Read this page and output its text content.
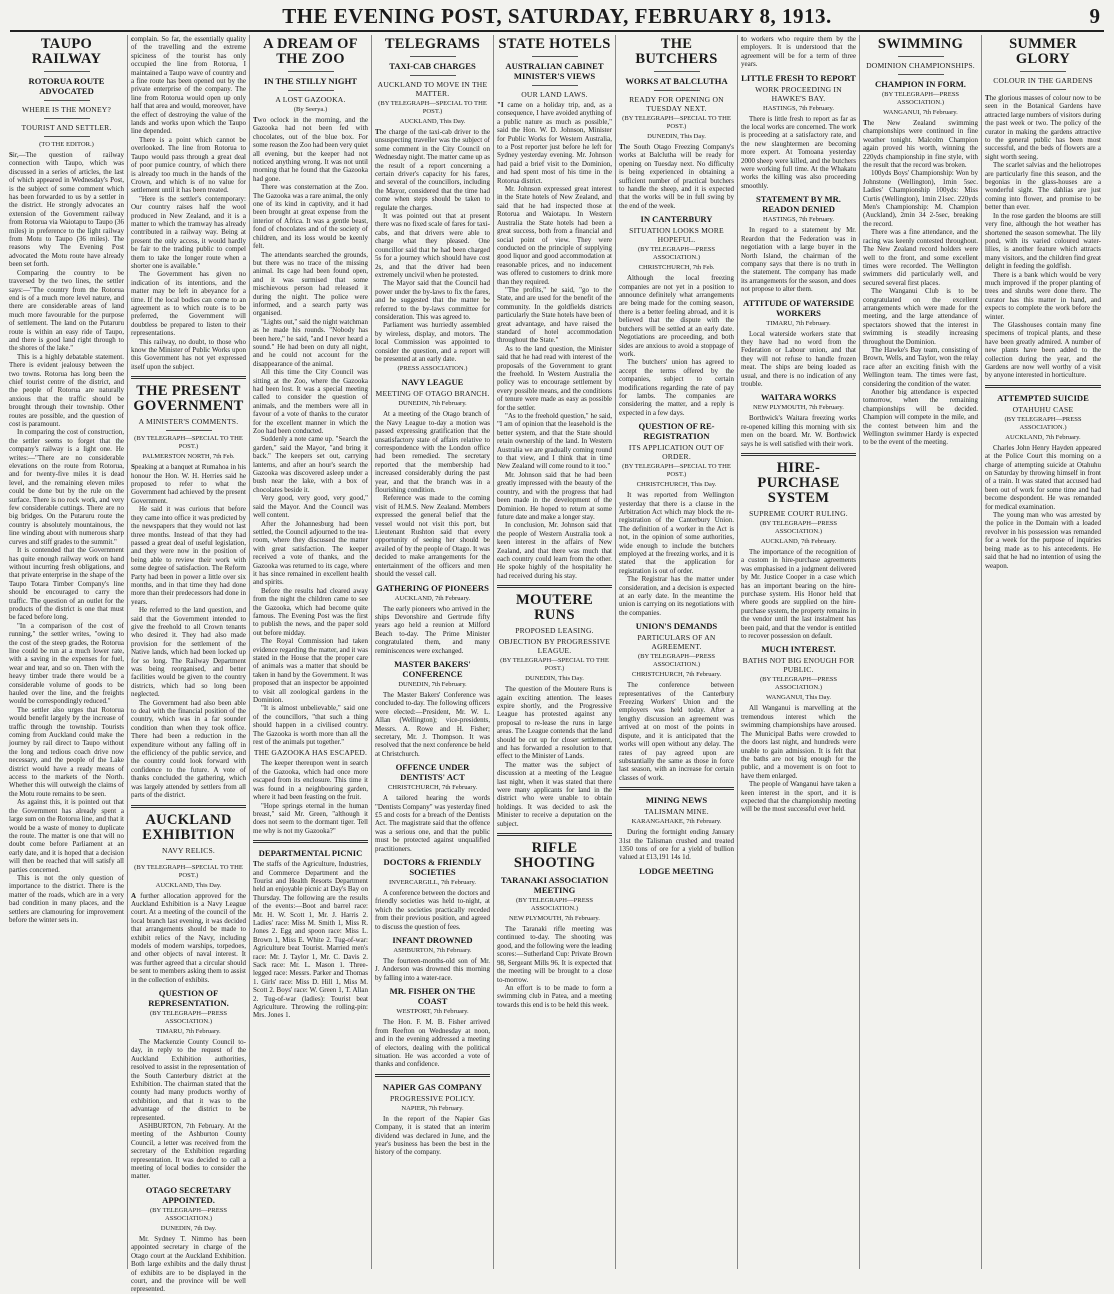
THE EVENING POST, SATURDAY, FEBRUARY 8, 1913.	9
TAUPO RAILWAY
ROTORUA ROUTE ADVOCATED
WHERE IS THE MONEY?
TOURIST AND SETTLER.
(TO THE EDITOR.)

Sir,—The question of railway connection with Taupo, which was discussed in a series of articles, the last of which appeared in Wednesday's Post, is the subject of some comment which has been forwarded to us by a settler in the district. He strongly advocates an extension of the Government railway from Rotorua via Waiotapu to Taupo (36 miles) in preference to the light railway from Motu to Taupo (36 miles). The reasons why The Evening Post advocated the Motu route have already been set forth.

Comparing the country to be traversed by the two lines, the settler says:—"The country from the Rotorua end is of a much more level nature, and there are considerable areas of land much more favourable for the purpose of settlement. The land on the Putaruru route is within an easy ride of Taupo, and there is good land right through to the shores of the lake."

This is a highly debatable statement. There is evident jealousy between the two towns. Rotorua has long been the chief tourist centre of the district, and the people of Rotorua are naturally anxious that the traffic should be brought through their township. Other routes are possible, and the question of cost is paramount.

In comparing the cost of construction, the settler seems to forget that the company's railway is a light one. He writes:—"There are no considerable elevations on the route from Rotorua, and for twenty-five miles it is dead level, and the remaining eleven miles could be done but by the rule on the surface. There is no rock work, and very few considerable cuttings. There are no big bridges. On the Putaruru route the country is absolutely mountainous, the line winding about with numerous sharp curves and stiff grades to the summit."

It is contended that the Government has quite enough railway work on hand without incurring fresh obligations, and that private enterprise in the shape of the Taupo Totara Timber Company's line should be encouraged to carry the traffic. The question of an outlet for the products of the district is one that must be faced before long.

"In a comparison of the cost of running," the settler writes, "owing to the cost of the steep grades, the Rotorua line could be run at a much lower rate, with a saving in the expenses for fuel, wear and tear, and so on. Then with the heavy timber trade there would be a considerable volume of goods to be hauled over the line, and the freights would be correspondingly reduced."

The settler also urges that Rotorua would benefit largely by the increase of traffic through the township. Tourists coming from Auckland could make the journey by rail direct to Taupo without the long and tedious coach drive now necessary, and the people of the Lake district would have a ready means of access to the markets of the North. Whether this will outweigh the claims of the Motu route remains to be seen.

As against this, it is pointed out that the Government has already spent a large sum on the Rotorua line, and that it would be a waste of money to duplicate the route. The matter is one that will no doubt come before Parliament at an early date, and it is hoped that a decision will then be reached that will satisfy all parties concerned.

This is not the only question of importance to the district. There is the matter of the roads, which are in a very bad condition in many places, and the settlers are clamouring for improvement before the winter sets in.

complain. So far, the essentially quality of the travelling and the extreme spiciness of the tourist has only occupied the line from Rotorua, I maintained a Taupo wave of country and a fine route has been opened out by the private enterprise of the company. The line from Rotorua would open up only half that area and would, moreover, have the effect of destroying the value of the lands and works upon which the Taupo line depended.

There is a point which cannot be overlooked. The line from Rotorua to Taupo would pass through a great deal of poor pumice country, of which there is already too much in the hands of the Crown, and which is of no value for settlement until it has been treated.

"Here is the settler's contemporary: Our country raises half the wool produced in New Zealand, and it is a matter to which the tramway has already contributed in a railway way. Being at present the only access, it would hardly be fair to the trading public to compel them to take the longer route when a shorter one is available."

The Government has given no indication of its intentions, and the matter may be left in abeyance for a time. If the local bodies can come to an agreement as to which route is to be preferred, the Government will doubtless be prepared to listen to their representations.

This railway, no doubt, to those who know the Minister of Public Works upon this Government has not yet expressed itself upon the subject.

THE PRESENT GOVERNMENT
A MINISTER'S COMMENTS.
(BY TELEGRAPH—SPECIAL TO THE POST.)
PALMERSTON NORTH, 7th Feb.

Speaking at a banquet at Rumahoa in his honour the Hon. W. H. Herries said he proposed to refer to what the Government had achieved by the present Government.

He said it was curious that before they came into office it was predicted by the newspapers that they would not last three months. Instead of that they had passed a great deal of useful legislation, and they were now in the position of being able to review their work with some degree of satisfaction. The Reform Party had been in power a little over six months, and in that time they had done more than their predecessors had done in years.

He referred to the land question, and said that the Government intended to give the freehold to all Crown tenants who desired it. They had also made provision for the settlement of the Native lands, which had been locked up for so long. The Railway Department was being reorganised, and better facilities would be given to the country districts, which had so long been neglected.

The Government had also been able to deal with the financial position of the country, which was in a far sounder condition than when they took office. There had been a reduction in the expenditure without any falling off in the efficiency of the public service, and the country could look forward with confidence to the future. A vote of thanks concluded the gathering, which was largely attended by settlers from all parts of the district.

AUCKLAND EXHIBITION
NAVY RELICS.
(BY TELEGRAPH—SPECIAL TO THE POST.)
AUCKLAND, This Day.

A further allocation approved for the Auckland Exhibition is a Navy League court. At a meeting of the council of the local branch last evening, it was decided that arrangements should be made to exhibit relics of the Navy, including models of modern warships, torpedoes, and other objects of naval interest. It was further agreed that a circular should be sent to members asking them to assist in the collection of exhibits.

QUESTION OF REPRESENTATION.
(BY TELEGRAPH—PRESS ASSOCIATION.)
TIMARU, 7th February.

The Mackenzie County Council to-day, in reply to the request of the Auckland Exhibition authorities, resolved to assist in the representation of the South Canterbury district at the Exhibition. The chairman stated that the county had many products worthy of exhibition, and that it was to the advantage of the district to be represented.

ASHBURTON, 7th February. At the meeting of the Ashburton County Council, a letter was received from the secretary of the Exhibition regarding representation. It was decided to call a meeting of local bodies to consider the matter.

OTAGO SECRETARY APPOINTED.
(BY TELEGRAPH—PRESS ASSOCIATION.)
DUNEDIN, 7th Day.

Mr. Sydney T. Nimmo has been appointed secretary in charge of the Otago court at the Auckland Exhibition. Both large exhibits and the daily thrust of exhibits are to be displayed in the court, and the province will be well represented.

A DREAM OF THE ZOO
IN THE STILLY NIGHT
A LOST GAZOOKA.
(By Seerya.)

Two oclock in the morning, and the Gazooka had not been fed with chocolates, out of the blue box. For some reason the Zoo had been very quiet all evening, but the keeper had not noticed anything wrong. It was not until morning that he found that the Gazooka had gone.

There was consternation at the Zoo. The Gazooka was a rare animal, the only one of its kind in captivity, and it had been brought at great expense from the interior of Africa. It was a gentle beast, fond of chocolates and of the society of children, and its loss would be keenly felt.

The attendants searched the grounds, but there was no trace of the missing animal. Its cage had been found open, and it was surmised that some mischievous person had released it during the night. The police were informed, and a search party was organised.

"Lights out," said the night watchman as he made his rounds. "Nobody has been here," he said, "and I never heard a sound." He had been on duty all night, and he could not account for the disappearance of the animal.

All this time the City Council was sitting at the Zoo, where the Gazooka had been lost. It was a special meeting called to consider the question of animals, and the members were all in favour of a vote of thanks to the curator for the excellent manner in which the Zoo had been conducted.

Suddenly a note came up. "Search the garden," said the Mayor, "and bring it back." The keepers set out, carrying lanterns, and after an hour's search the Gazooka was discovered asleep under a bush near the lake, with a box of chocolates beside it.

Very good, very good, very good," said the Mayor. And the Council was well content.

After the Johannesburg had been settled, the Council adjourned to the tea-room, where they discussed the matter with great satisfaction. The keeper received a vote of thanks, and the Gazooka was returned to its cage, where it has since remained in excellent health and spirits.

Before the results had cleared away from the night the children came to see the Gazooka, which had become quite famous. The Evening Post was the first to publish the news, and the paper sold out before midday.

The Royal Commission had taken evidence regarding the matter, and it was stated in the House that the proper care of animals was a matter that should be taken in hand by the Government. It was proposed that an inspector be appointed to visit all zoological gardens in the Dominion.

"It is almost unbelievable," said one of the councillors, "that such a thing should happen in a civilised country. The Gazooka is worth more than all the rest of the animals put together."

THE GAZOOKA HAS ESCAPED.

The keeper thereupon went in search of the Gazooka, which had once more escaped from its enclosure. This time it was found in a neighbouring garden, where it had been feasting on the fruit.

"Hope springs eternal in the human breast," said Mr. Green, "although it does not seem to the dormant tiger. Tell me why is not my Gazooka?"

DEPARTMENTAL PICNIC

The staffs of the Agriculture, Industries, and Commerce Department and the Tourist and Health Resorts Department held an enjoyable picnic at Day's Bay on Thursday. The following are the results of the events:—Boot and barrel race: Mr. H. W. Scott 1, Mr. J. Harris 2. Ladies' race: Miss M. Smith 1, Miss R. Jones 2. Egg and spoon race: Miss L. Brown 1, Miss E. White 2. Tug-of-war: Agriculture beat Tourist. Married men's race: Mr. J. Taylor 1, Mr. C. Davis 2. Sack race: Mr. L. Mason 1. Three-legged race: Messrs. Parker and Thomas 1. Girls' race: Miss D. Hill 1, Miss M. Scott 2. Boys' race: W. Green 1, T. Allan 2. Tug-of-war (ladies): Tourist beat Agriculture. Throwing the rolling-pin: Mrs. Jones 1.

TELEGRAMS
TAXI-CAB CHARGES
AUCKLAND TO MOVE IN THE MATTER.
(BY TELEGRAPH—SPECIAL TO THE POST.)
AUCKLAND, This Day.

The charge of the taxi-cab driver to the unsuspecting traveller was the subject of some comment in the City Council on Wednesday night. The matter came up as the result of a report concerning a certain driver's capacity for his fares, and several of the councillors, including the Mayor, considered that the time had come when steps should be taken to regulate the charges.

It was pointed out that at present there was no fixed scale of fares for taxi-cabs, and that drivers were able to charge what they pleased. One councillor said that he had been charged 5s for a journey which should have cost 2s, and that the driver had been extremely uncivil when he protested.

The Mayor said that the Council had power under the by-laws to fix the fares, and he suggested that the matter be referred to the by-laws committee for consideration. This was agreed to.

Parliament was hurriedly assembled by wireless, display, and motors. The local Commission was appointed to consider the question, and a report will be presented at an early date.

(PRESS ASSOCIATION.)
NAVY LEAGUE
MEETING OF OTAGO BRANCH.
DUNEDIN, 7th February.

At a meeting of the Otago branch of the Navy League to-day a motion was passed expressing gratification that the unsatisfactory state of affairs relative to correspondence with the London office had been remedied. The secretary reported that the membership had increased considerably during the past year, and that the branch was in a flourishing condition.

Reference was made to the coming visit of H.M.S. New Zealand. Members expressed the general belief that the vessel would not visit this port, but Lieutenant Rushton said that every opportunity of seeing her should be availed of by the people of Otago. It was decided to make arrangements for the entertainment of the officers and men should the vessel call.

GATHERING OF PIONEERS
AUCKLAND, 7th February.

The early pioneers who arrived in the ships Devonshire and Gertrude fifty years ago held a reunion at Milford Beach to-day. The Prime Minister congratulated them, and many reminiscences were exchanged.

MASTER BAKERS' CONFERENCE
DUNEDIN, 7th February.

The Master Bakers' Conference was concluded to-day. The following officers were elected:—President, Mr. W. L. Allan (Wellington); vice-presidents, Messrs. A. Rowe and H. Fisher; secretary, Mr. J. Thompson. It was resolved that the next conference be held at Christchurch.

OFFENCE UNDER DENTISTS' ACT
CHRISTCHURCH, 7th February.

A tailored hearing the words "Dentists Company" was yesterday fined £5 and costs for a breach of the Dentists Act. The magistrate said that the offence was a serious one, and that the public must be protected against unqualified practitioners.

DOCTORS & FRIENDLY SOCIETIES
INVERCARGILL, 7th February.

A conference between the doctors and friendly societies was held to-night, at which the societies practically receded from their previous position, and agreed to discuss the question of fees.

INFANT DROWNED
ASHBURTON, 7th February.

The fourteen-months-old son of Mr. J. Anderson was drowned this morning by falling into a water-race.

MR. FISHER ON THE COAST
WESTPORT, 7th February.

The Hon. F. M. B. Fisher arrived from Reefton on Wednesday at noon, and in the evening addressed a meeting of electors, dealing with the political situation. He was accorded a vote of thanks and confidence.

NAPIER GAS COMPANY
PROGRESSIVE POLICY.
NAPIER, 7th February.

In the report of the Napier Gas Company, it is stated that an interim dividend was declared in June, and the year's business has been the best in the history of the company.

STATE HOTELS
AUSTRALIAN CABINET MINISTER'S VIEWS
OUR LAND LAWS.

"I came on a holiday trip, and, as a consequence, I have avoided anything of a public nature as much as possible," said the Hon. W. D. Johnson, Minister for Public Works for Western Australia, to a Post reporter just before he left for Sydney yesterday evening. Mr. Johnson had paid a brief visit to the Dominion, and had spent most of his time in the Rotorua district.

Mr. Johnson expressed great interest in the State hotels of New Zealand, and said that he had inspected those at Rotorua and Waiotapu. In Western Australia the State hotels had been a great success, both from a financial and social point of view. They were conducted on the principle of supplying good liquor and good accommodation at reasonable prices, and no inducement was offered to customers to drink more than they required.

"The profits," he said, "go to the State, and are used for the benefit of the community. In the goldfields districts particularly the State hotels have been of great advantage, and have raised the standard of hotel accommodation throughout the State."

As to the land question, the Minister said that he had read with interest of the proposals of the Government to grant the freehold. In Western Australia the policy was to encourage settlement by every possible means, and the conditions of tenure were made as easy as possible for the settler.

"As to the freehold question," he said, "I am of opinion that the leasehold is the better system, and that the State should retain ownership of the land. In Western Australia we are gradually coming round to that view, and I think that in time New Zealand will come round to it too."

Mr. Johnson said that he had been greatly impressed with the beauty of the country, and with the progress that had been made in the development of the Dominion. He hoped to return at some future date and make a longer stay.

In conclusion, Mr. Johnson said that the people of Western Australia took a keen interest in the affairs of New Zealand, and that there was much that each country could learn from the other. He spoke highly of the hospitality he had received during his stay.

MOUTERE RUNS
PROPOSED LEASING.
OBJECTION BY PROGRESSIVE LEAGUE.
(BY TELEGRAPH—SPECIAL TO THE POST.)
DUNEDIN, This Day.

The question of the Moutere Runs is again exciting attention. The leases expire shortly, and the Progressive League has protested against any proposal to re-lease the runs in large areas. The League contends that the land should be cut up for closer settlement, and has forwarded a resolution to that effect to the Minister of Lands.

The matter was the subject of discussion at a meeting of the League last night, when it was stated that there were many applicants for land in the district who were unable to obtain holdings. It was decided to ask the Minister to receive a deputation on the subject.

RIFLE SHOOTING
TARANAKI ASSOCIATION MEETING
(BY TELEGRAPH—PRESS ASSOCIATION.)
NEW PLYMOUTH, 7th February.

The Taranaki rifle meeting was continued to-day. The shooting was good, and the following were the leading scores:—Sutherland Cup: Private Brown 98, Sergeant Mills 96. It is expected that the meeting will be brought to a close to-morrow.

An effort is to be made to form a swimming club in Patea, and a meeting towards this end is to be held this week.

THE BUTCHERS
WORKS AT BALCLUTHA
READY FOR OPENING ON TUESDAY NEXT.
(BY TELEGRAPH—SPECIAL TO THE POST.)
DUNEDIN, This Day.

The South Otago Freezing Company's works at Balclutha will be ready for opening on Tuesday next. No difficulty is being experienced in obtaining a sufficient number of practical butchers to handle the sheep, and it is expected that the works will be in full swing by the end of the week.

IN CANTERBURY
SITUATION LOOKS MORE HOPEFUL.
(BY TELEGRAPH—PRESS ASSOCIATION.)
CHRISTCHURCH, 7th Feb.

Although the local freezing companies are not yet in a position to announce definitely what arrangements are being made for the coming season, there is a better feeling abroad, and it is believed that the dispute with the butchers will be settled at an early date. Negotiations are proceeding, and both sides are anxious to avoid a stoppage of work.

The butchers' union has agreed to accept the terms offered by the companies, subject to certain modifications regarding the rate of pay for lambs. The companies are considering the matter, and a reply is expected in a few days.

QUESTION OF RE-REGISTRATION
ITS APPLICATION OUT OF ORDER.
(BY TELEGRAPH—SPECIAL TO THE POST.)
CHRISTCHURCH, This Day.

It was reported from Wellington yesterday that there is a clause in the Arbitration Act which may block the re-registration of the Canterbury Union. The definition of a worker in the Act is not, in the opinion of some authorities, wide enough to include the butchers employed at the freezing works, and it is stated that the application for registration is out of order.

The Registrar has the matter under consideration, and a decision is expected at an early date. In the meantime the union is carrying on its negotiations with the companies.

UNION'S DEMANDS
PARTICULARS OF AN AGREEMENT.
(BY TELEGRAPH—PRESS ASSOCIATION.)
CHRISTCHURCH, 7th February.

The conference between representatives of the Canterbury Freezing Workers' Union and the employers was held today. After a lengthy discussion an agreement was arrived at on most of the points in dispute, and it is anticipated that the works will open without any delay. The rates of pay agreed upon are substantially the same as those in force last season, with an increase for certain classes of work.

MINING NEWS
TALISMAN MINE.
KARANGAHAKE, 7th February.

During the fortnight ending January 31st the Talisman crushed and treated 1350 tons of ore for a yield of bullion valued at £13,191 14s 1d.

LODGE MEETING

to workers who require them by the employers. It is understood that the agreement will be for a term of three years.

LITTLE FRESH TO REPORT
WORK PROCEEDING IN HAWKE'S BAY.
HASTINGS, 7th February.

There is little fresh to report as far as the local works are concerned. The work is proceeding at a satisfactory rate, and the new slaughtermen are becoming more expert. At Tomoana yesterday 2000 sheep were killed, and the butchers were working full time. At the Whakatu works the killing was also proceeding smoothly.

STATEMENT BY MR. READON DENIED
HASTINGS, 7th February.

In regard to a statement by Mr. Reardon that the Federation was in negotiation with a large buyer in the North Island, the chairman of the company says that there is no truth in the statement. The company has made its arrangements for the season, and does not propose to alter them.

ATTITUDE OF WATERSIDE WORKERS
TIMARU, 7th February.

Local waterside workers state that they have had no word from the Federation or Labour union, and that they will not refuse to handle frozen meat. The ships are being loaded as usual, and there is no indication of any trouble.

WAITARA WORKS
NEW PLYMOUTH, 7th February.

Borthwick's Waitara freezing works re-opened killing this morning with six men on the board. Mr. W. Borthwick says he is well satisfied with their work.

HIRE-PURCHASE SYSTEM
SUPREME COURT RULING.
(BY TELEGRAPH—PRESS ASSOCIATION.)
AUCKLAND, 7th February.

The importance of the recognition of a custom in hire-purchase agreements was emphasised in a judgment delivered by Mr. Justice Cooper in a case which has an important bearing on the hire-purchase system. His Honor held that where goods are supplied on the hire-purchase system, the property remains in the vendor until the last instalment has been paid, and that the vendor is entitled to recover possession on default.

MUCH INTEREST.
BATHS NOT BIG ENOUGH FOR PUBLIC.
(BY TELEGRAPH—PRESS ASSOCIATION.)
WANGANUI, This Day.

All Wanganui is marvelling at the tremendous interest which the swimming championships have aroused. The Municipal Baths were crowded to the doors last night, and hundreds were unable to gain admission. It is felt that the baths are not big enough for the public, and a movement is on foot to have them enlarged.

The people of Wanganui have taken a keen interest in the sport, and it is expected that the championship meeting will be the most successful ever held.

SWIMMING
DOMINION CHAMPIONSHIPS.
CHAMPION IN FORM.
(BY TELEGRAPH—PRESS ASSOCIATION.)
WANGANUI, 7th February.

The New Zealand swimming championships were continued in fine weather tonight. Malcolm Champion again proved his worth, winning the 220yds championship in fine style, with the result that the record was broken.

100yds Boys' Championship: Won by Johnstone (Wellington), 1min 5sec. Ladies' Championship 100yds: Miss Curtis (Wellington), 1min 21sec. 220yds Men's Championship: M. Champion (Auckland), 2min 34 2-5sec, breaking the record.

There was a fine attendance, and the racing was keenly contested throughout. The New Zealand record holders were well to the front, and some excellent times were recorded. The Wellington swimmers did particularly well, and secured several first places.

The Wanganui Club is to be congratulated on the excellent arrangements which were made for the meeting, and the large attendance of spectators showed that the interest in swimming is steadily increasing throughout the Dominion.

The Hawke's Bay team, consisting of Brown, Wells, and Taylor, won the relay race after an exciting finish with the Wellington team. The times were fast, considering the condition of the water.

Another big attendance is expected tomorrow, when the remaining championships will be decided. Champion will compete in the mile, and the contest between him and the Wellington swimmer Hardy is expected to be the event of the meeting.

SUMMER GLORY
COLOUR IN THE GARDENS

The glorious masses of colour now to be seen in the Botanical Gardens have attracted large numbers of visitors during the past week or two. The policy of the curator in making the gardens attractive to the general public has been most successful, and the beds of flowers are a sight worth seeing.

The scarlet salvias and the heliotropes are particularly fine this season, and the begonias in the glass-houses are a wonderful sight. The dahlias are just coming into flower, and promise to be better than ever.

In the rose garden the blooms are still very fine, although the hot weather has shortened the season somewhat. The lily pond, with its varied coloured water-lilies, is another feature which attracts many visitors, and the children find great delight in feeding the goldfish.

There is a bank which would be very much improved if the proper planting of trees and shrubs were done there. The curator has this matter in hand, and expects to complete the work before the winter.

The Glasshouses contain many fine specimens of tropical plants, and these have been greatly admired. A number of new plants have been added to the collection during the year, and the Gardens are now well worthy of a visit by anyone interested in horticulture.

ATTEMPTED SUICIDE
OTAHUHU CASE
(BY TELEGRAPH—PRESS ASSOCIATION.)
AUCKLAND, 7th February.

Charles John Henry Hayden appeared at the Police Court this morning on a charge of attempting suicide at Otahuhu on Saturday by throwing himself in front of a train. It was stated that accused had been out of work for some time and had become despondent. He was remanded for medical examination.

The young man who was arrested by the police in the Domain with a loaded revolver in his possession was remanded for a week for the purpose of inquiries being made as to his antecedents. He said that he had no intention of using the weapon.
